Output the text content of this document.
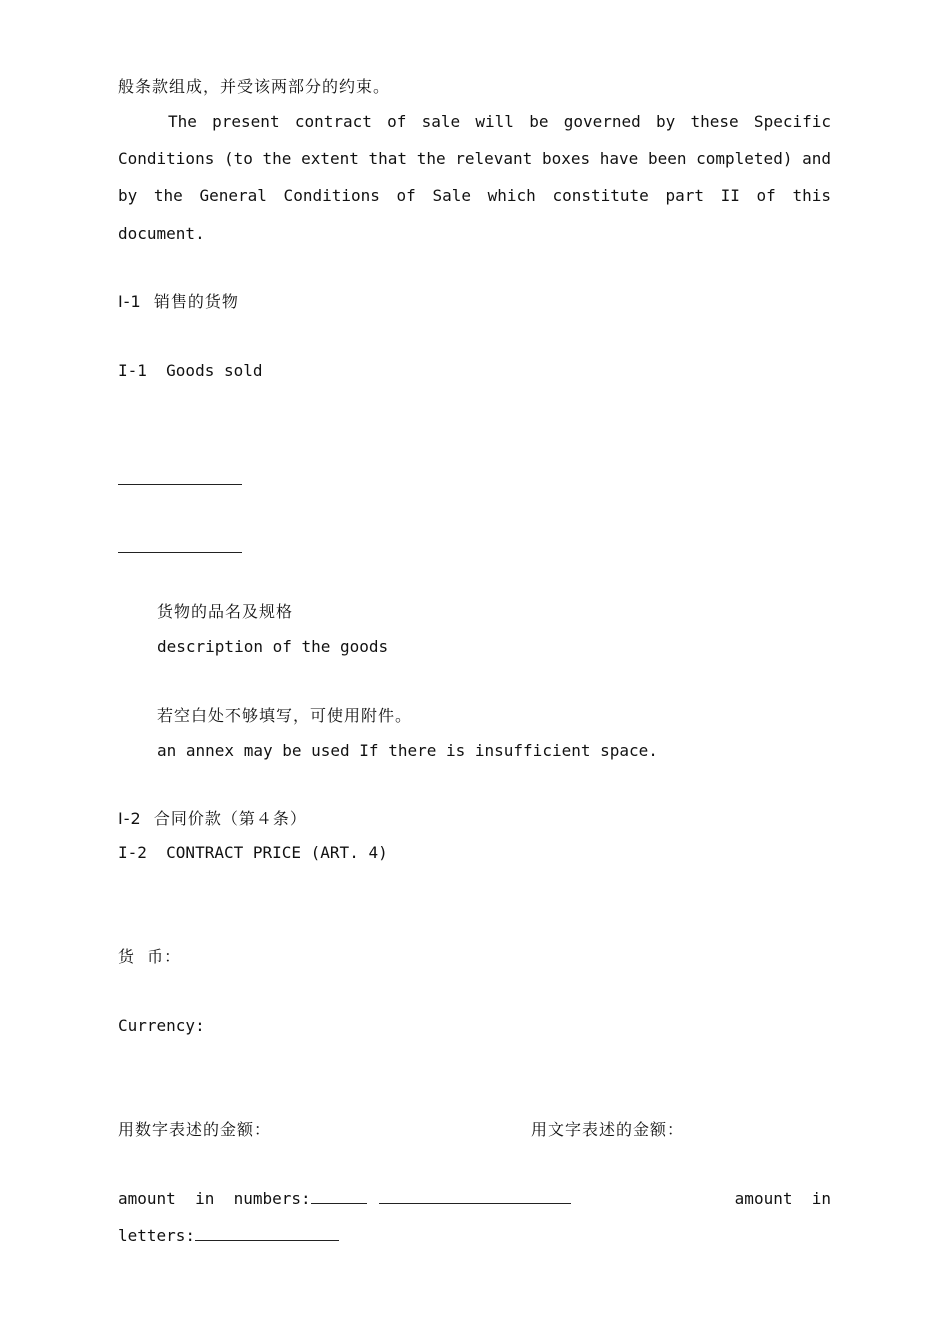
般条款组成，并受该两部分的约束。
The present contract of sale will be governed by these Specific
Conditions (to the extent that the relevant boxes have been completed) and
by the General Conditions of Sale which constitute part II of this
document.
I-1  销售的货物
I-1  Goods sold
货物的品名及规格
description of the goods
若空白处不够填写，可使用附件。
an annex may be used If there is insufficient space.
I-2  合同价款（第４条）
I-2  CONTRACT PRICE (ART. 4)
货  币：
Currency:
用数字表述的金额：	用文字表述的金额：
amount  in  numbers:	amount  in
letters:
